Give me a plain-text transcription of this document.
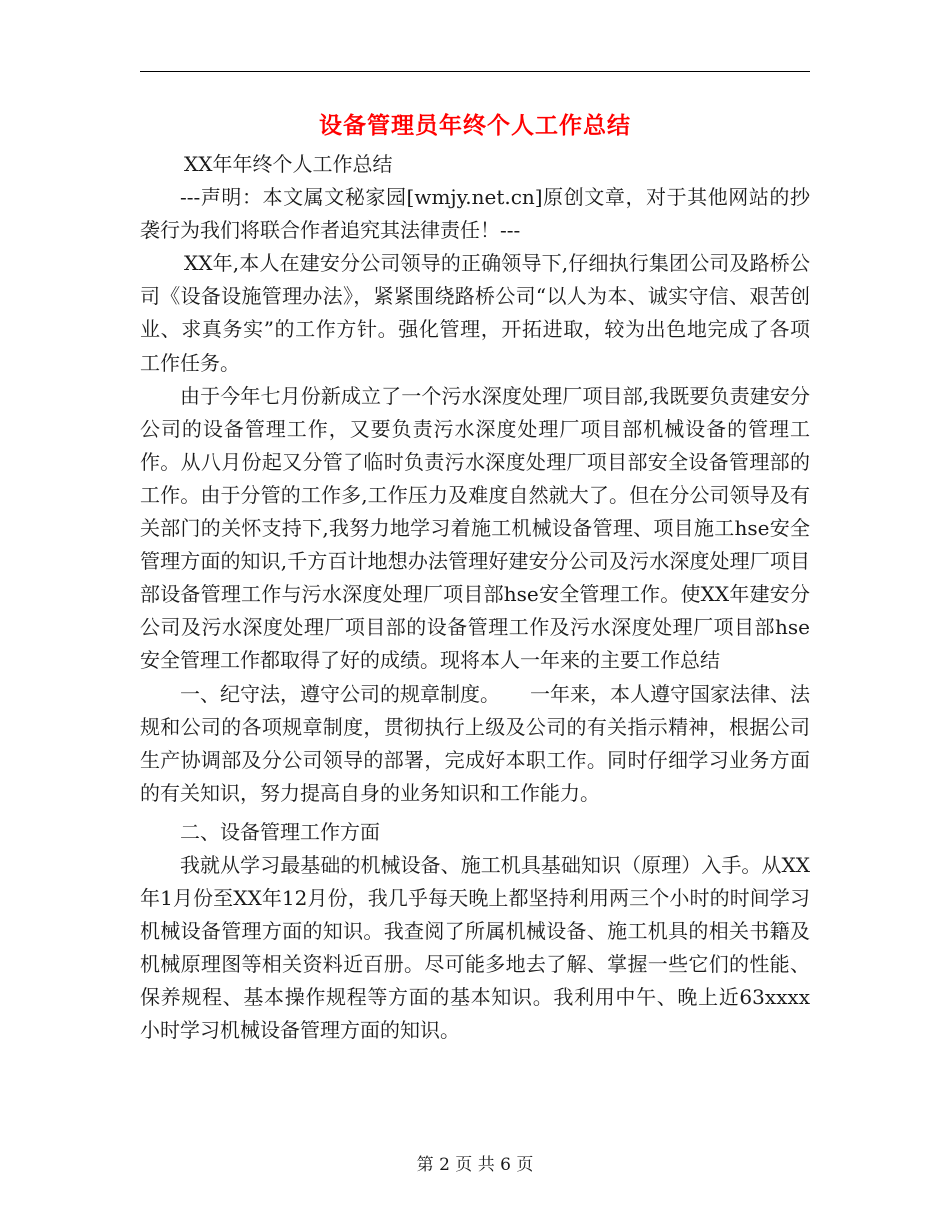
设备管理员年终个人工作总结

XX年年终个人工作总结

---声明：本文属文秘家园[wmjy.net.cn]原创文章，对于其他网站的抄袭行为我们将联合作者追究其法律责任！---

XX年,本人在建安分公司领导的正确领导下,仔细执行集团公司及路桥公司《设备设施管理办法》，紧紧围绕路桥公司“以人为本、诚实守信、艰苦创业、求真务实”的工作方针。强化管理，开拓进取，较为出色地完成了各项工作任务。

由于今年七月份新成立了一个污水深度处理厂项目部,我既要负责建安分公司的设备管理工作，又要负责污水深度处理厂项目部机械设备的管理工作。从八月份起又分管了临时负责污水深度处理厂项目部安全设备管理部的工作。由于分管的工作多,工作压力及难度自然就大了。但在分公司领导及有关部门的关怀支持下,我努力地学习着施工机械设备管理、项目施工hse安全管理方面的知识,千方百计地想办法管理好建安分公司及污水深度处理厂项目部设备管理工作与污水深度处理厂项目部hse安全管理工作。使XX年建安分公司及污水深度处理厂项目部的设备管理工作及污水深度处理厂项目部hse安全管理工作都取得了好的成绩。现将本人一年来的主要工作总结

一、纪守法，遵守公司的规章制度。　　一年来，本人遵守国家法律、法规和公司的各项规章制度，贯彻执行上级及公司的有关指示精神，根据公司生产协调部及分公司领导的部署，完成好本职工作。同时仔细学习业务方面的有关知识，努力提高自身的业务知识和工作能力。

二、设备管理工作方面

我就从学习最基础的机械设备、施工机具基础知识（原理）入手。从XX年1月份至XX年12月份，我几乎每天晚上都坚持利用两三个小时的时间学习机械设备管理方面的知识。我查阅了所属机械设备、施工机具的相关书籍及机械原理图等相关资料近百册。尽可能多地去了解、掌握一些它们的性能、保养规程、基本操作规程等方面的基本知识。我利用中午、晚上近63xxxx小时学习机械设备管理方面的知识。

第 2 页 共 6 页
